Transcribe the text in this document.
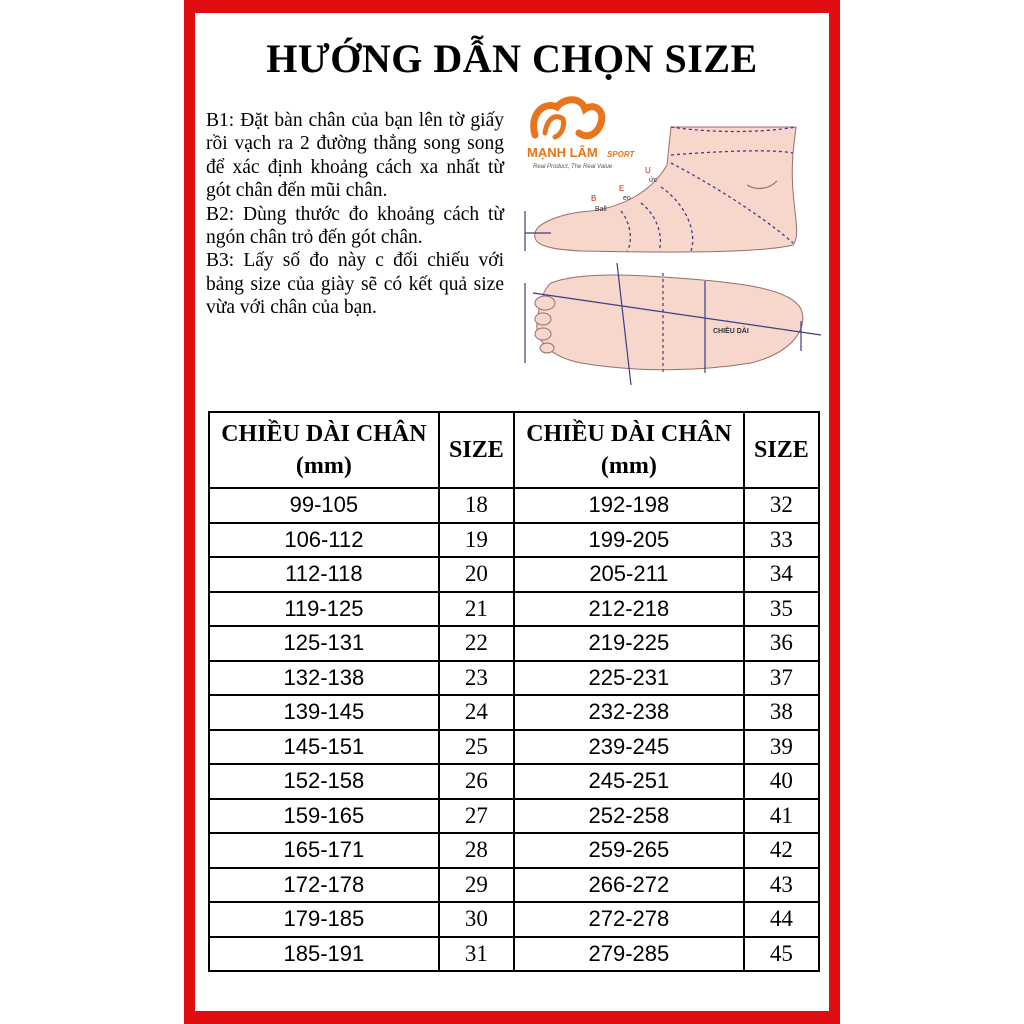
HƯỚNG DẪN CHỌN SIZE

B1: Đặt bàn chân của bạn lên tờ giấy rồi vạch ra 2 đường thẳng song song để xác định khoảng cách xa nhất từ gót chân đến mũi chân.

B2: Dùng thước đo khoảng cách từ ngón chân trỏ đến gót chân.

B3: Lấy số đo này c đối chiếu với bảng size của giày sẽ có kết quả size vừa với chân của bạn.

MẠNH LÂM SPORT
Real Product, The Real Value	U
ức
E
eo
B
Ball
CHIỀU DÀI
CHIỀU DÀI CHÂN
(mm)	SIZE	CHIỀU DÀI CHÂN
(mm)	SIZE
99-105	18	192-198	32
106-112	19	199-205	33
112-118	20	205-211	34
119-125	21	212-218	35
125-131	22	219-225	36
132-138	23	225-231	37
139-145	24	232-238	38
145-151	25	239-245	39
152-158	26	245-251	40
159-165	27	252-258	41
165-171	28	259-265	42
172-178	29	266-272	43
179-185	30	272-278	44
185-191	31	279-285	45
